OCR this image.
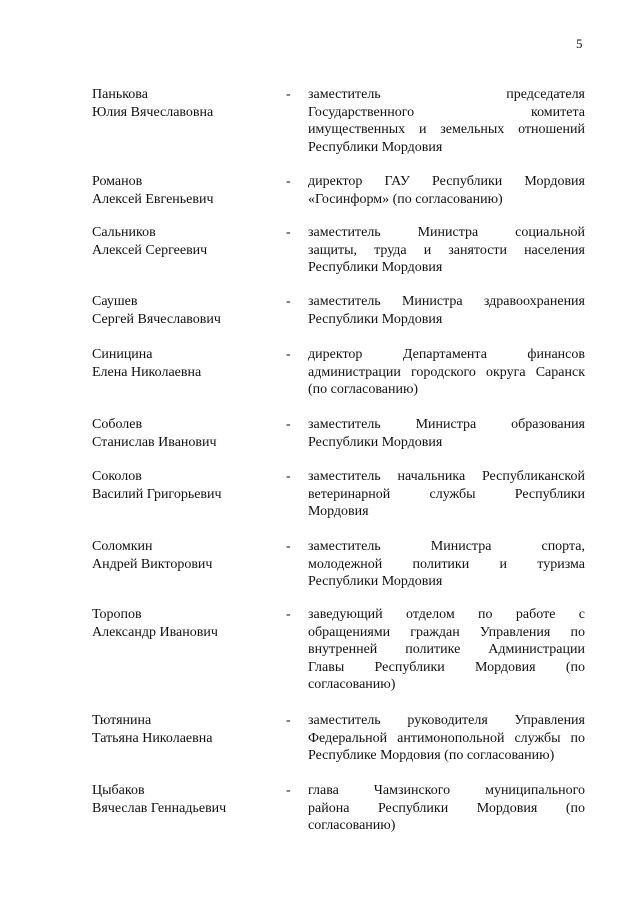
5
Панькова
Юлия Вячеславовна
- заместитель председателя
Государственного комитета
имущественных и земельных отношений
Республики Мордовия
Романов
Алексей Евгеньевич
- директор ГАУ Республики Мордовия
«Госинформ» (по согласованию)
Сальников
Алексей Сергеевич
- заместитель Министра социальной
защиты, труда и занятости населения
Республики Мордовия
Саушев
Сергей Вячеславович
- заместитель Министра здравоохранения
Республики Мордовия
Синицина
Елена Николаевна
- директор Департамента финансов
администрации городского округа Саранск
(по согласованию)
Соболев
Станислав Иванович
- заместитель Министра образования
Республики Мордовия
Соколов
Василий Григорьевич
- заместитель начальника Республиканской
ветеринарной службы Республики
Мордовия
Соломкин
Андрей Викторович
- заместитель Министра спорта,
молодежной политики и туризма
Республики Мордовия
Торопов
Александр Иванович
- заведующий отделом по работе с
обращениями граждан Управления по
внутренней политике Администрации
Главы Республики Мордовия (по
согласованию)
Тютянина
Татьяна Николаевна
- заместитель руководителя Управления
Федеральной антимонопольной службы по
Республике Мордовия (по согласованию)
Цыбаков
Вячеслав Геннадьевич
- глава Чамзинского муниципального
района Республики Мордовия (по
согласованию)
